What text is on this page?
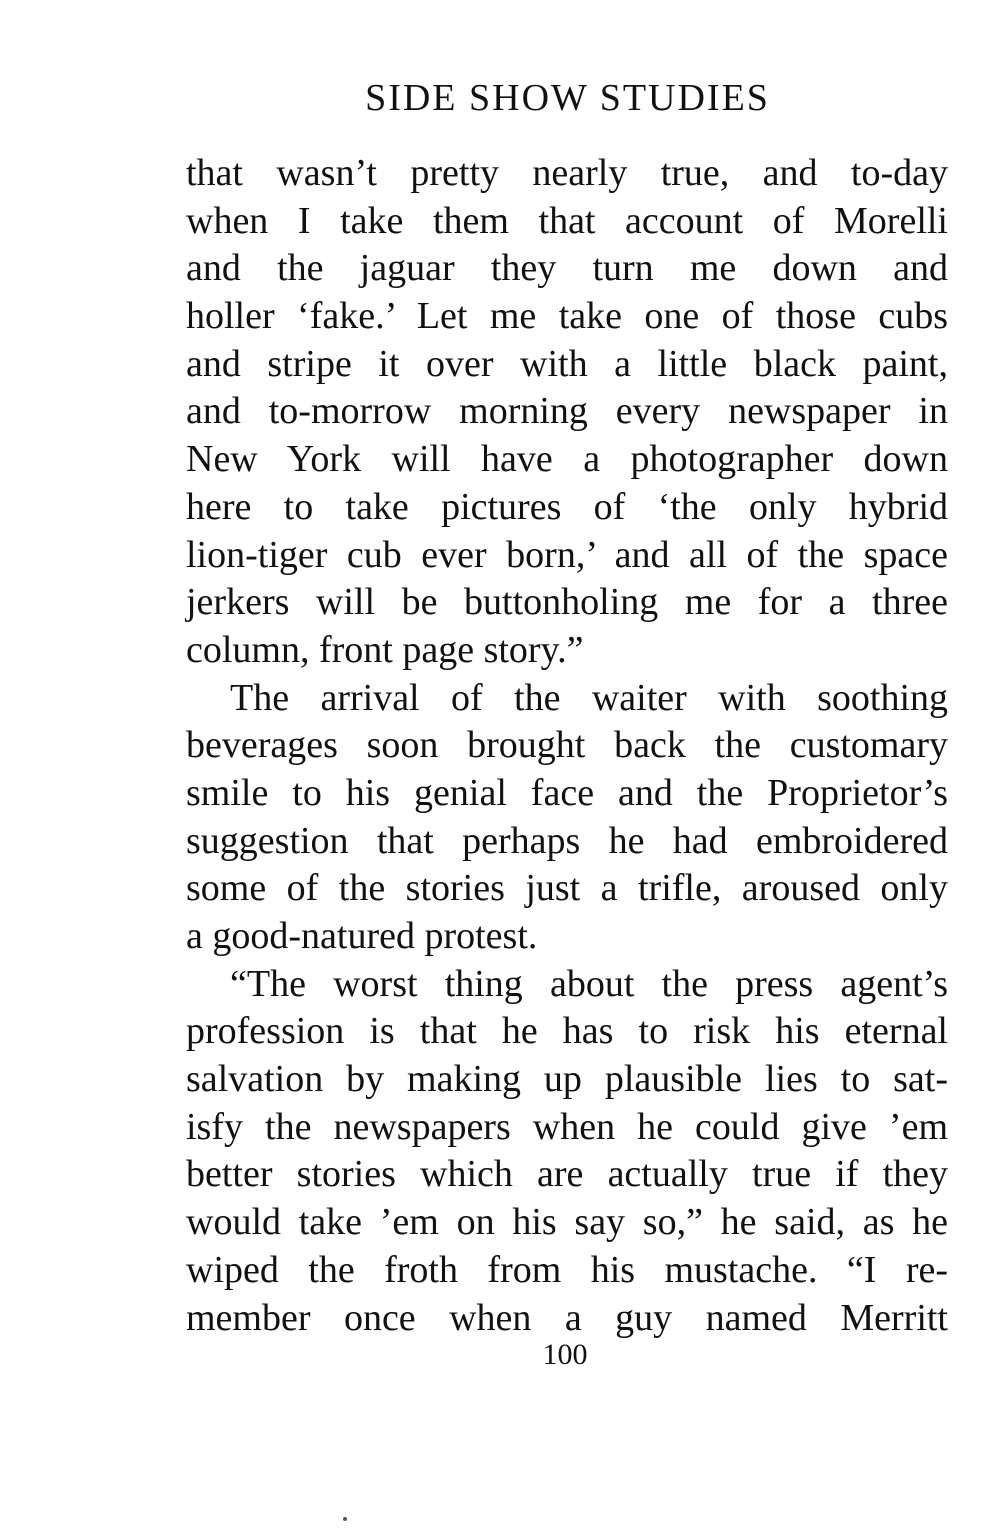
SIDE SHOW STUDIES
that wasn’t pretty nearly true, and to-day
when I take them that account of Morelli
and the jaguar they turn me down and
holler ‘fake.’ Let me take one of those cubs
and stripe it over with a little black paint,
and to-morrow morning every newspaper in
New York will have a photographer down
here to take pictures of ‘the only hybrid
lion-tiger cub ever born,’ and all of the space
jerkers will be buttonholing me for a three
column, front page story.”
The arrival of the waiter with soothing
beverages soon brought back the customary
smile to his genial face and the Proprietor’s
suggestion that perhaps he had embroidered
some of the stories just a trifle, aroused only
a good-natured protest.
“The worst thing about the press agent’s
profession is that he has to risk his eternal
salvation by making up plausible lies to sat-
isfy the newspapers when he could give ’em
better stories which are actually true if they
would take ’em on his say so,” he said, as he
wiped the froth from his mustache. “I re-
member once when a guy named Merritt
100
